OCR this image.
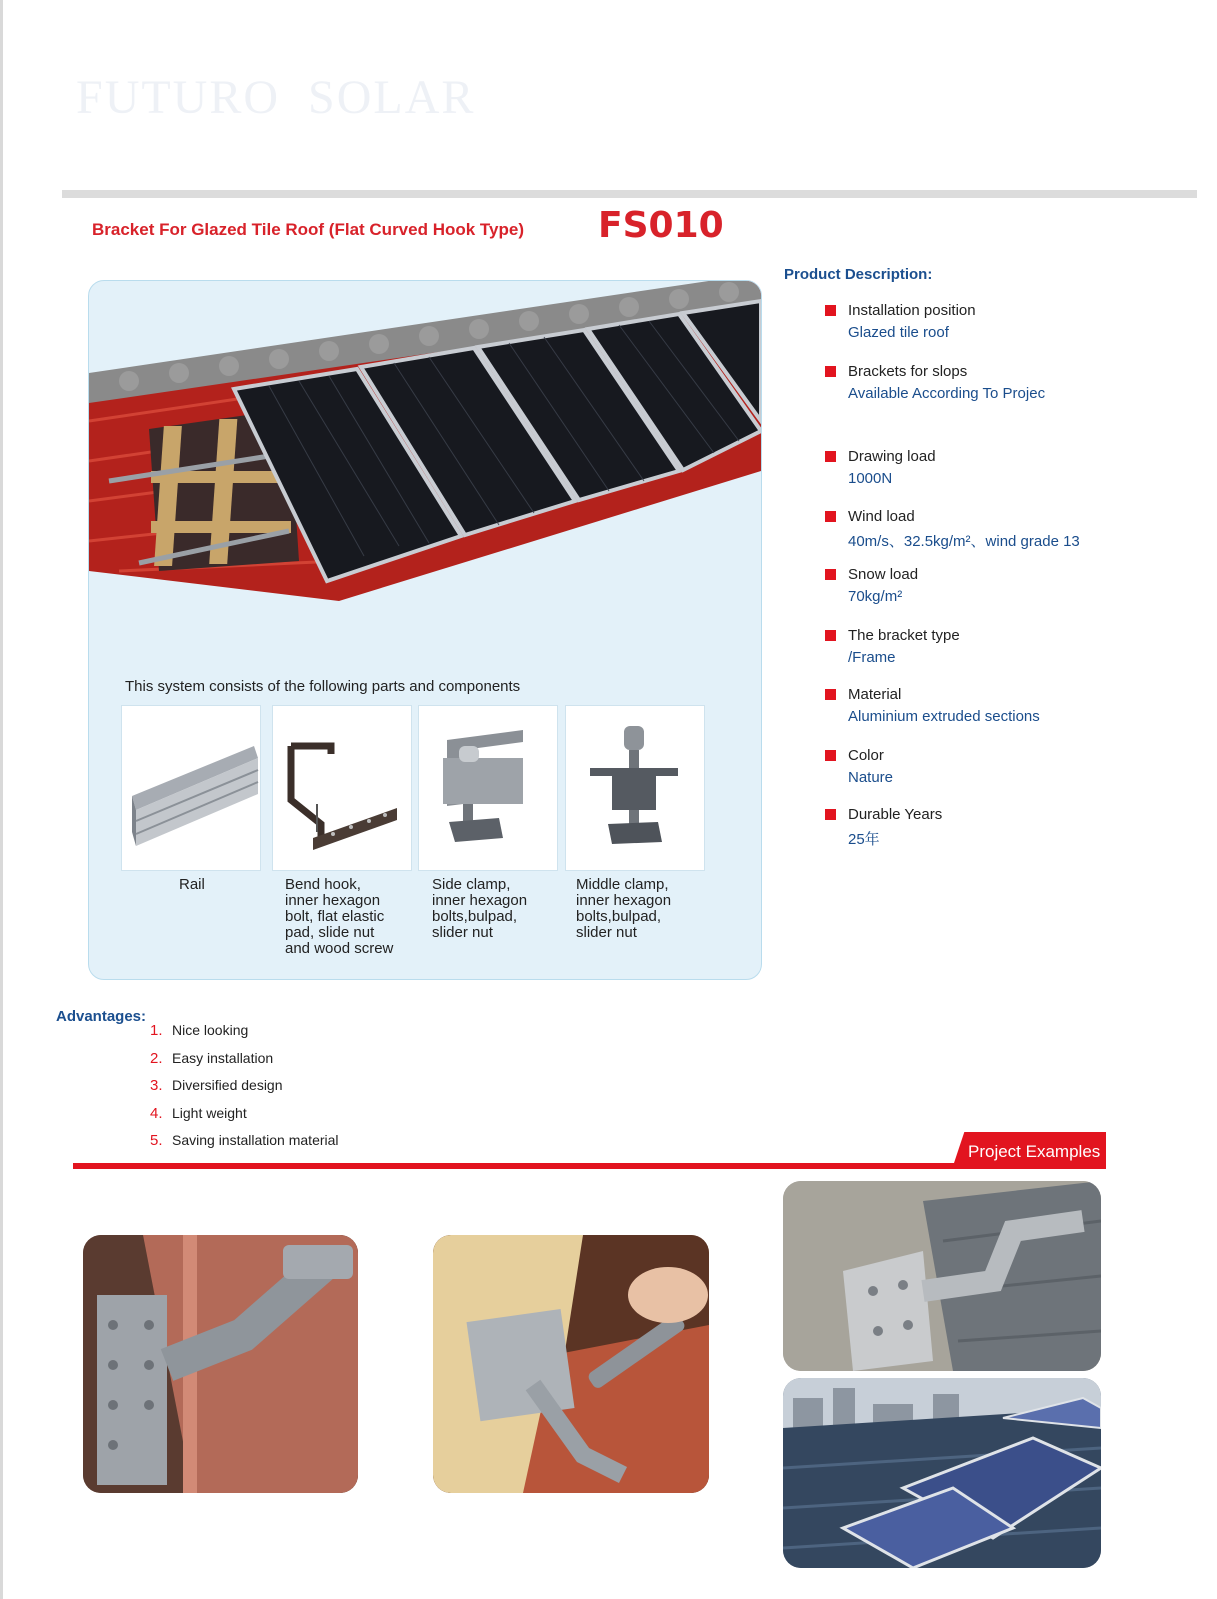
FUTURO  SOLAR
Bracket For Glazed Tile Roof (Flat Curved Hook Type) FS010
This system consists of the following parts and components
Rail	Bend hook,
inner hexagon
bolt, flat elastic
pad, slide nut
and wood screw
Side clamp,
inner hexagon
bolts,bulpad,
slider nut
Middle clamp,
inner hexagon
bolts,bulpad,
slider nut
Product Description:
Installation position
Glazed tile roof
Brackets for slops
Available According To Projec
Drawing load
1000N
Wind load
40m/s、32.5kg/m²、wind grade 13
Snow load
70kg/m²
The bracket type
/Frame
Material
Aluminium extruded sections
Color
Nature
Durable Years
25年
Advantages:
1. Nice looking
2. Easy installation
3. Diversified design
4. Light weight
5. Saving installation material
Project Examples
